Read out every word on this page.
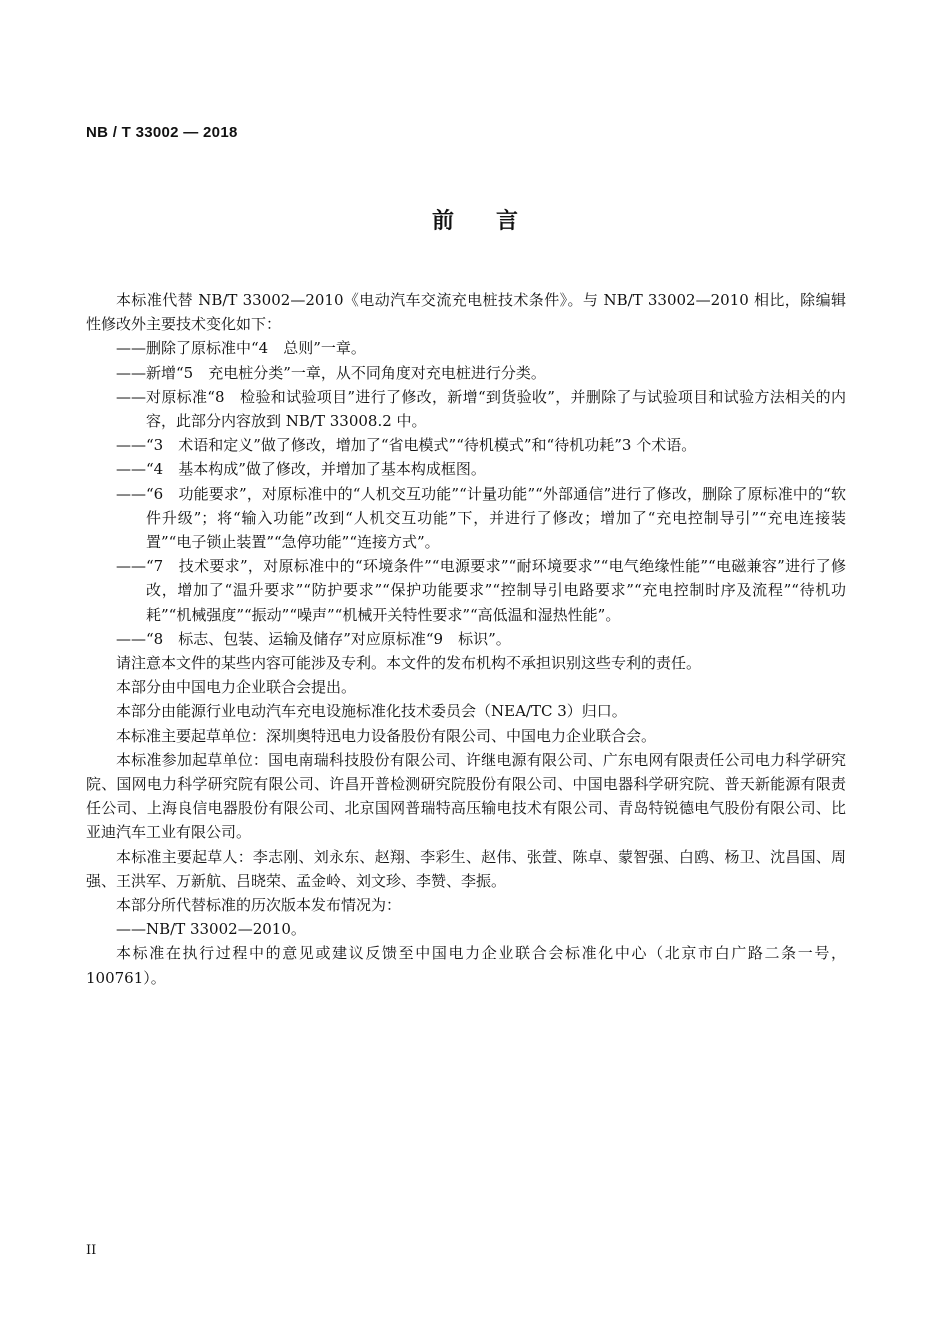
NB / T 33002 — 2018
前言

本标准代替 NB/T 33002—2010《电动汽车交流充电桩技术条件》。与 NB/T 33002—2010 相比，除编辑性修改外主要技术变化如下：

—— 删除了原标准中“4　总则”一章。
—— 新增“5　充电桩分类”一章，从不同角度对充电桩进行分类。
—— 对原标准“8　检验和试验项目”进行了修改，新增“到货验收”，并删除了与试验项目和试验方法相关的内容，此部分内容放到 NB/T 33008.2 中。
—— “3　术语和定义”做了修改，增加了“省电模式”“待机模式”和“待机功耗”3 个术语。
—— “4　基本构成”做了修改，并增加了基本构成框图。
—— “6　功能要求”，对原标准中的“人机交互功能”“计量功能”“外部通信”进行了修改，删除了原标准中的“软件升级”；将“输入功能”改到“人机交互功能”下，并进行了修改；增加了“充电控制导引”“充电连接装置”“电子锁止装置”“急停功能”“连接方式”。
—— “7　技术要求”，对原标准中的“环境条件”“电源要求”“耐环境要求”“电气绝缘性能”“电磁兼容”进行了修改，增加了“温升要求”“防护要求”“保护功能要求”“控制导引电路要求”“充电控制时序及流程”“待机功耗”“机械强度”“振动”“噪声”“机械开关特性要求”“高低温和湿热性能”。
—— “8　标志、包装、运输及储存”对应原标准“9　标识”。

请注意本文件的某些内容可能涉及专利。本文件的发布机构不承担识别这些专利的责任。

本部分由中国电力企业联合会提出。

本部分由能源行业电动汽车充电设施标准化技术委员会（NEA/TC 3）归口。

本标准主要起草单位：深圳奥特迅电力设备股份有限公司、中国电力企业联合会。

本标准参加起草单位：国电南瑞科技股份有限公司、许继电源有限公司、广东电网有限责任公司电力科学研究院、国网电力科学研究院有限公司、许昌开普检测研究院股份有限公司、中国电器科学研究院、普天新能源有限责任公司、上海良信电器股份有限公司、北京国网普瑞特高压输电技术有限公司、青岛特锐德电气股份有限公司、比亚迪汽车工业有限公司。

本标准主要起草人：李志刚、刘永东、赵翔、李彩生、赵伟、张萱、陈卓、蒙智强、白鸥、杨卫、沈昌国、周强、王洪军、万新航、吕晓荣、孟金岭、刘文珍、李赞、李振。

本部分所代替标准的历次版本发布情况为：

——NB/T 33002—2010。

本标准在执行过程中的意见或建议反馈至中国电力企业联合会标准化中心（北京市白广路二条一号，100761）。

II
